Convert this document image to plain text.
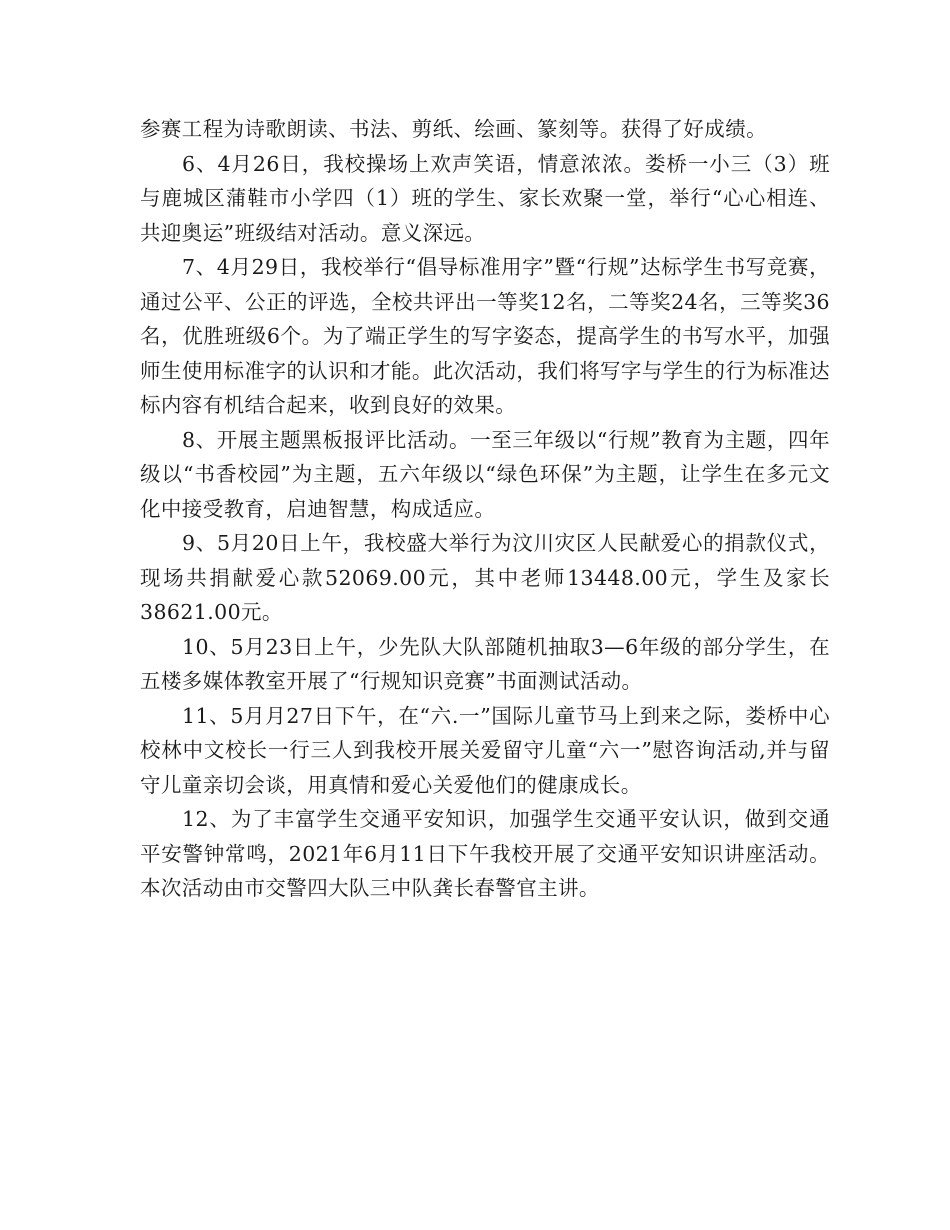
参赛工程为诗歌朗读、书法、剪纸、绘画、篆刻等。获得了好成绩。

6、4月26日，我校操场上欢声笑语，情意浓浓。娄桥一小三（3）班与鹿城区蒲鞋市小学四（1）班的学生、家长欢聚一堂，举行“心心相连、共迎奥运”班级结对活动。意义深远。

7、4月29日，我校举行“倡导标准用字”暨“行规”达标学生书写竞赛，通过公平、公正的评选，全校共评出一等奖12名，二等奖24名，三等奖36名，优胜班级6个。为了端正学生的写字姿态，提高学生的书写水平，加强师生使用标准字的认识和才能。此次活动，我们将写字与学生的行为标准达标内容有机结合起来，收到良好的效果。

8、开展主题黑板报评比活动。一至三年级以“行规”教育为主题，四年级以“书香校园”为主题，五六年级以“绿色环保”为主题，让学生在多元文化中接受教育，启迪智慧，构成适应。

9、5月20日上午，我校盛大举行为汶川灾区人民献爱心的捐款仪式，现场共捐献爱心款52069.00元，其中老师13448.00元，学生及家长38621.00元。

10、5月23日上午，少先队大队部随机抽取3—6年级的部分学生，在五楼多媒体教室开展了“行规知识竞赛”书面测试活动。

11、5月月27日下午，在“六.一”国际儿童节马上到来之际，娄桥中心校林中文校长一行三人到我校开展关爱留守儿童“六一”慰咨询活动,并与留守儿童亲切会谈，用真情和爱心关爱他们的健康成长。

12、为了丰富学生交通平安知识，加强学生交通平安认识，做到交通平安警钟常鸣，2021年6月11日下午我校开展了交通平安知识讲座活动。本次活动由市交警四大队三中队龚长春警官主讲。
